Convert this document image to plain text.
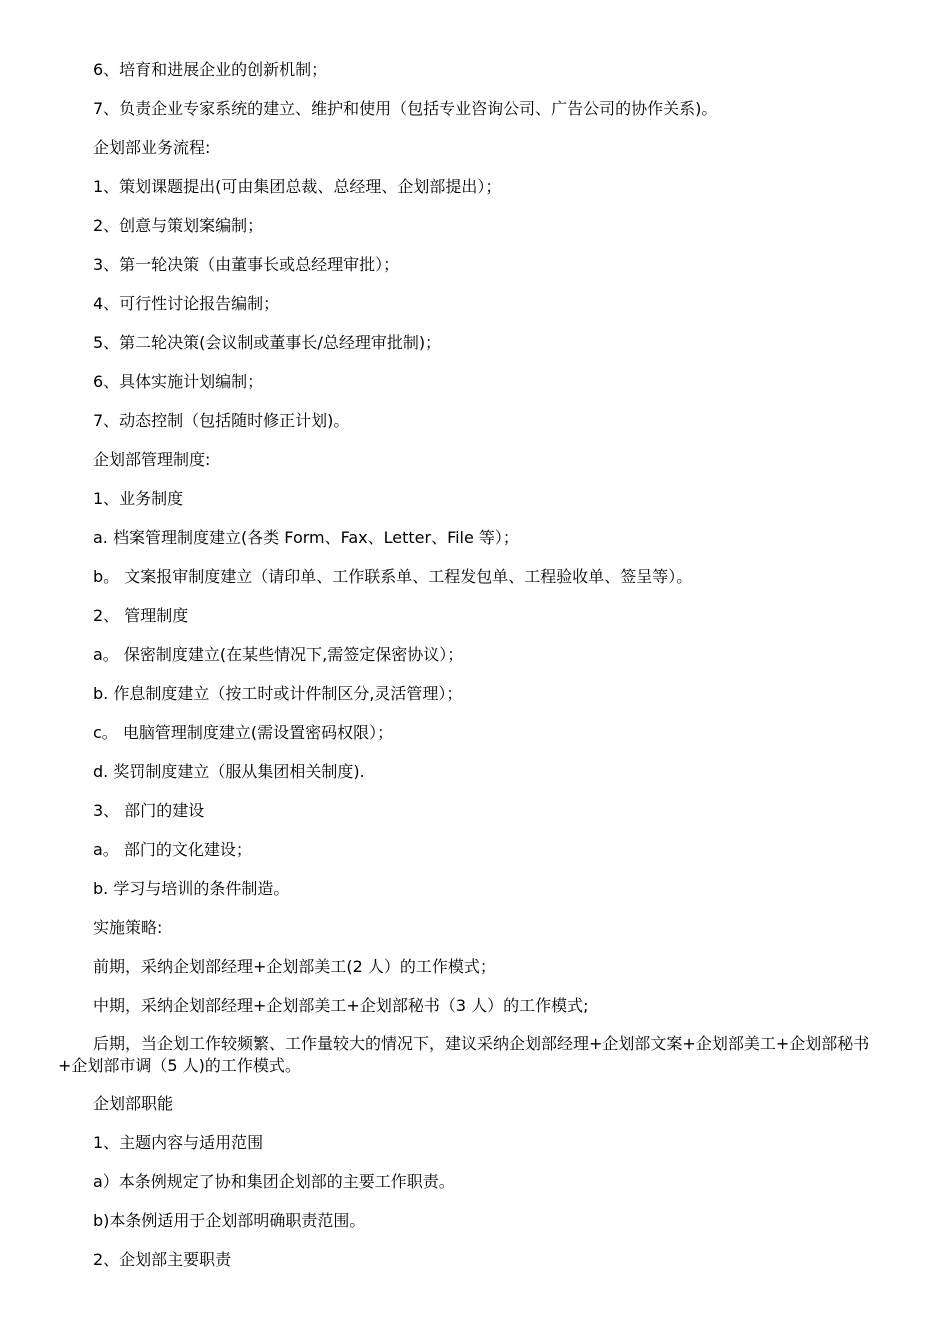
6、培育和进展企业的创新机制；

7、负责企业专家系统的建立、维护和使用（包括专业咨询公司、广告公司的协作关系)。

企划部业务流程:

1、策划课题提出(可由集团总裁、总经理、企划部提出）；

2、创意与策划案编制；

3、第一轮决策（由董事长或总经理审批）；

4、可行性讨论报告编制；

5、第二轮决策(会议制或董事长/总经理审批制)；

6、具体实施计划编制；

7、动态控制（包括随时修正计划)。

企划部管理制度:

1、业务制度

a. 档案管理制度建立(各类 Form、Fax、Letter、File 等）；

b。 文案报审制度建立（请印单、工作联系单、工程发包单、工程验收单、签呈等）。

2、 管理制度

a。 保密制度建立(在某些情况下,需签定保密协议）；

b. 作息制度建立（按工时或计件制区分,灵活管理）；

c。 电脑管理制度建立(需设置密码权限）；

d. 奖罚制度建立（服从集团相关制度).

3、 部门的建设

a。 部门的文化建设；

b. 学习与培训的条件制造。

实施策略:

前期，采纳企划部经理+企划部美工(2 人）的工作模式；

中期，采纳企划部经理+企划部美工+企划部秘书（3 人）的工作模式;

后期，当企划工作较频繁、工作量较大的情况下，建议采纳企划部经理+企划部文案+企划部美工+企划部秘书+企划部市调（5 人)的工作模式。

企划部职能

1、主题内容与适用范围

a）本条例规定了协和集团企划部的主要工作职责。

b)本条例适用于企划部明确职责范围。

2、企划部主要职责
